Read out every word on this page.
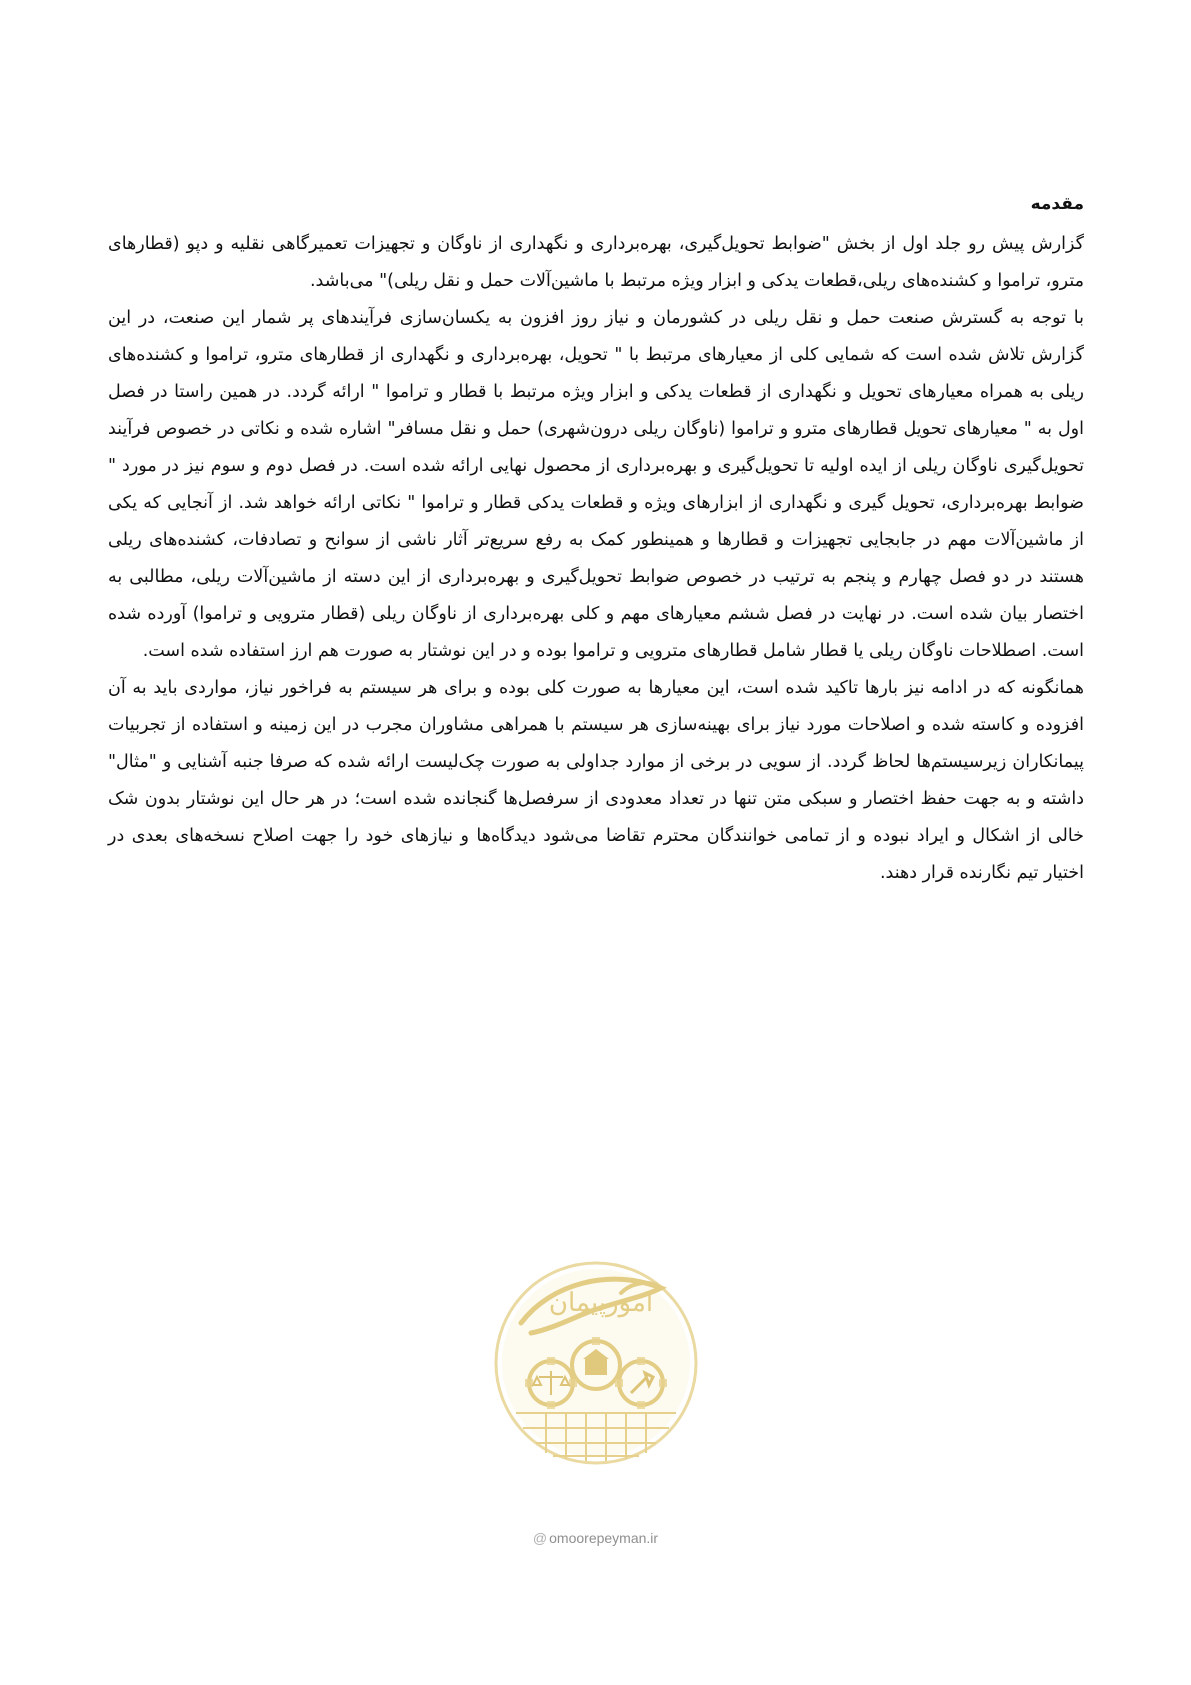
مقدمه

گزارش پیش رو جلد اول از بخش "ضوابط تحویل‌گیری، بهره‌برداری و نگهداری از ناوگان و تجهیزات تعمیرگاهی نقلیه و دپو (قطارهای مترو، تراموا و کشنده‌های ریلی،قطعات یدکی و ابزار ویژه مرتبط با ماشین‌آلات حمل و نقل ریلی)" می‌باشد.

با توجه به گسترش صنعت حمل و نقل ریلی در کشورمان و نیاز روز افزون به یکسان‌سازی فرآیندهای پر شمار این صنعت، در این گزارش تلاش شده است که شمایی کلی از معیارهای مرتبط با " تحویل، بهره‌برداری و نگهداری از قطارهای مترو، تراموا و کشنده‌های ریلی به همراه معیارهای تحویل و نگهداری از قطعات یدکی و ابزار ویژه مرتبط با قطار و تراموا " ارائه گردد. در همین راستا در فصل اول به " معیارهای تحویل قطارهای مترو و تراموا (ناوگان ریلی درون‌شهری) حمل و نقل مسافر" اشاره شده و نکاتی در خصوص فرآیند تحویل‌گیری ناوگان ریلی از ایده اولیه تا تحویل‌گیری و بهره‌برداری از محصول نهایی ارائه شده است. در فصل دوم و سوم نیز در مورد " ضوابط بهره‌برداری، تحویل گیری و نگهداری از ابزارهای ویژه و قطعات یدکی قطار و تراموا " نکاتی ارائه خواهد شد. از آنجایی که یکی از ماشین‌آلات مهم در جابجایی تجهیزات و قطارها و همینطور کمک به رفع سریع‌تر آثار ناشی از سوانح و تصادفات، کشنده‌های ریلی هستند در دو فصل چهارم و پنجم به ترتیب در خصوص ضوابط تحویل‌گیری و بهره‌برداری از این دسته از ماشین‌آلات ریلی، مطالبی به اختصار بیان شده است. در نهایت در فصل ششم معیارهای مهم و کلی بهره‌برداری از ناوگان ریلی (قطار مترویی و تراموا) آورده شده است. اصطلاحات ناوگان ریلی یا قطار شامل قطارهای مترویی و تراموا بوده و در این نوشتار به صورت هم ارز استفاده شده است.

همانگونه که در ادامه نیز بارها تاکید شده است، این معیارها به صورت کلی بوده و برای هر سیستم به فراخور نیاز، مواردی باید به آن افزوده و کاسته شده و اصلاحات مورد نیاز برای بهینه‌سازی هر سیستم با همراهی مشاوران مجرب در این زمینه و استفاده از تجربیات پیمانکاران زیرسیستم‌ها لحاظ گردد. از سویی در برخی از موارد جداولی به صورت چک‌لیست ارائه شده که صرفا جنبه آشنایی و "مثال" داشته و به جهت حفظ اختصار و سبکی متن تنها در تعداد معدودی از سرفصل‌ها گنجانده شده است؛ در هر حال این نوشتار بدون شک خالی از اشکال و ایراد نبوده و از تمامی خوانندگان محترم تقاضا می‌شود دیدگاه‌ها و نیازهای خود را جهت اصلاح نسخه‌های بعدی در اختیار تیم نگارنده قرار دهند.

امورپیمان
@ omoorepeyman.ir
